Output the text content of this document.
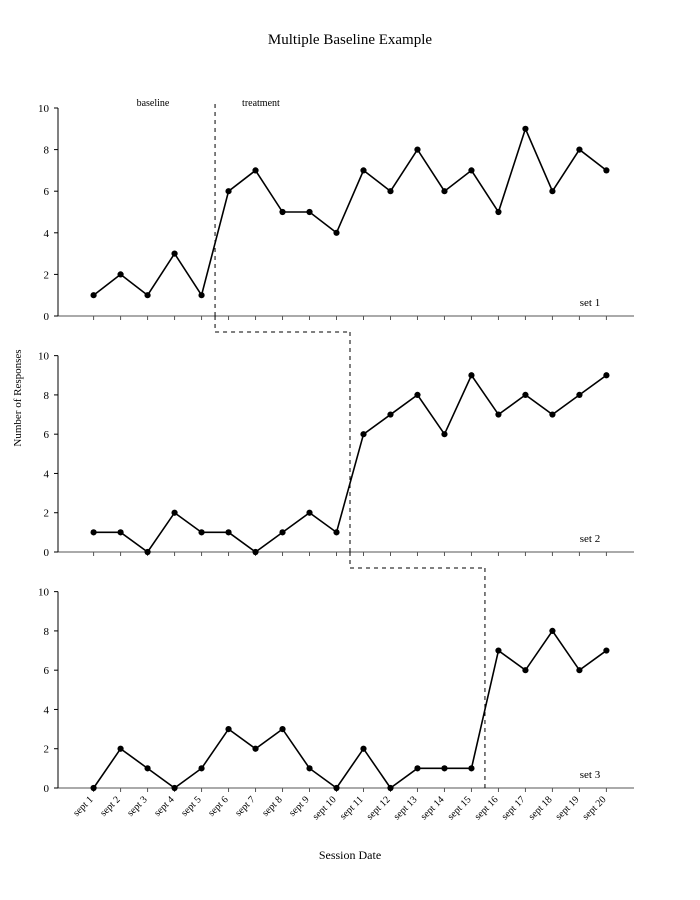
Multiple Baseline Example
Number of Responses
Session Date
0
2
4
6
8
10
set 1
baseline	treatment
0
2
4
6
8
10
set 2
0
2
4
6
8
10
set 3
sept 1 sept 2 sept 3 sept 4 sept 5 sept 6 sept 7 sept 8 sept 9
sept 10 sept 11
sept 12
sept 13
sept 14
sept 15
sept 16
sept 17
sept 18
sept 19
sept 20
